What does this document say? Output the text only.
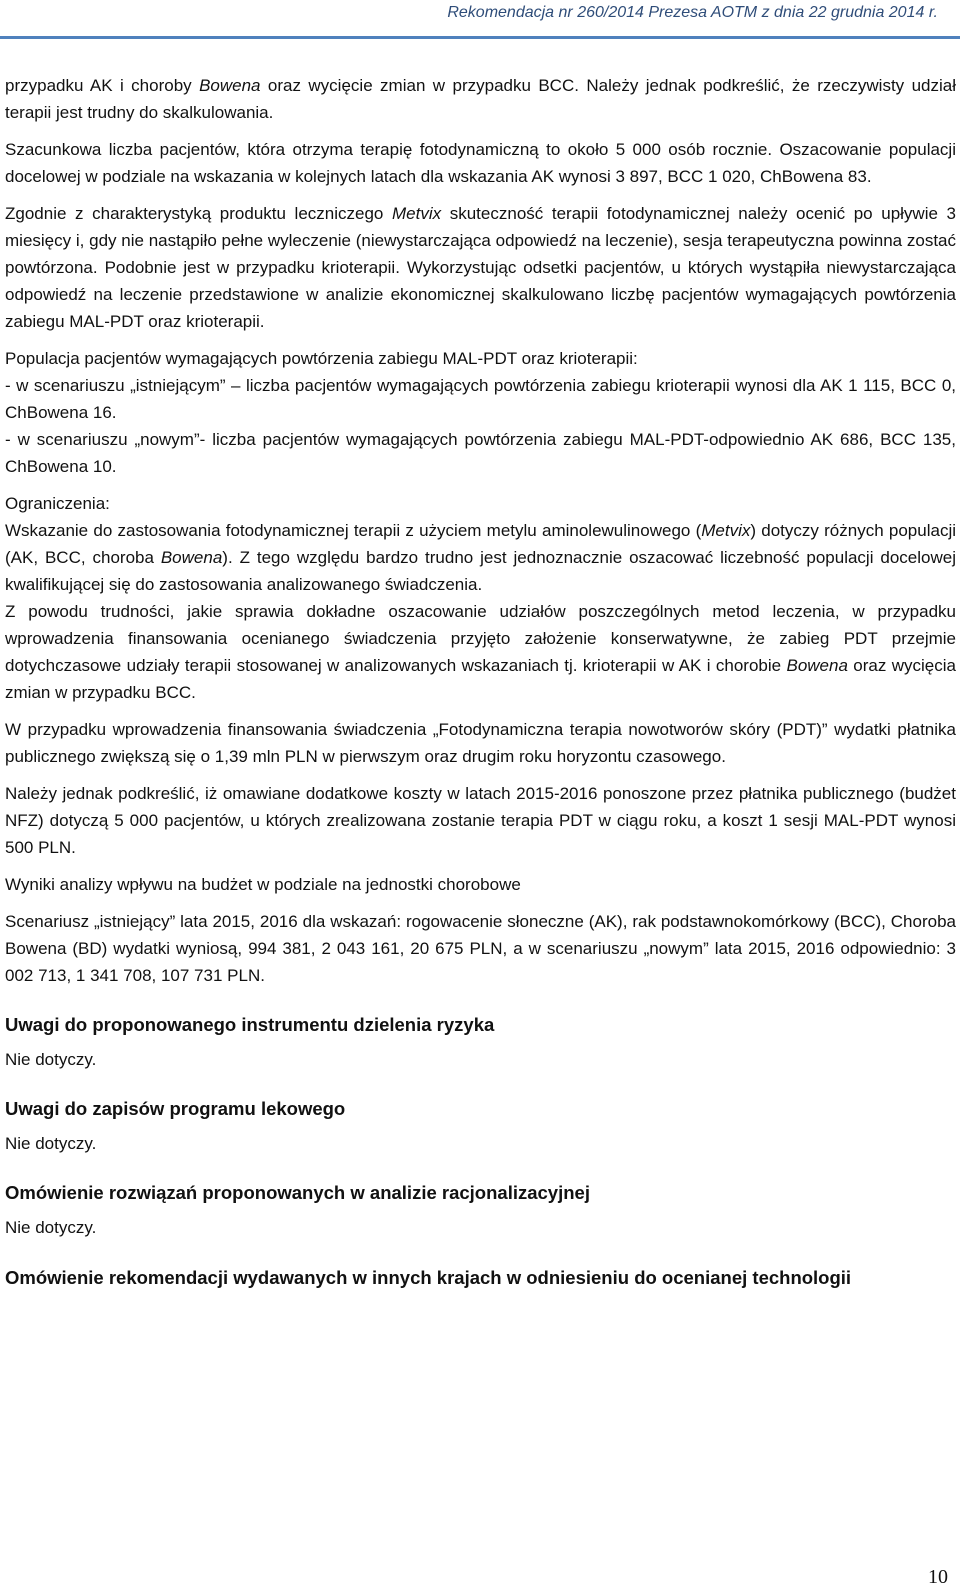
Rekomendacja nr 260/2014 Prezesa AOTM z dnia 22 grudnia 2014 r.

przypadku AK i choroby Bowena oraz wycięcie zmian w przypadku BCC. Należy jednak podkreślić, że rzeczywisty udział terapii jest trudny do skalkulowania.

Szacunkowa liczba pacjentów, która otrzyma terapię fotodynamiczną to około 5 000 osób rocznie. Oszacowanie populacji docelowej w podziale na wskazania w kolejnych latach dla wskazania AK wynosi 3 897, BCC 1 020, ChBowena 83.

Zgodnie z charakterystyką produktu leczniczego Metvix skuteczność terapii fotodynamicznej należy ocenić po upływie 3 miesięcy i, gdy nie nastąpiło pełne wyleczenie (niewystarczająca odpowiedź na leczenie), sesja terapeutyczna powinna zostać powtórzona. Podobnie jest w przypadku krioterapii. Wykorzystując odsetki pacjentów, u których wystąpiła niewystarczająca odpowiedź na leczenie przedstawione w analizie ekonomicznej skalkulowano liczbę pacjentów wymagających powtórzenia zabiegu MAL-PDT oraz krioterapii.

Populacja pacjentów wymagających powtórzenia zabiegu MAL-PDT oraz krioterapii:

- w scenariuszu „istniejącym” – liczba pacjentów wymagających powtórzenia zabiegu krioterapii wynosi dla AK 1 115, BCC 0, ChBowena 16.

- w scenariuszu „nowym”- liczba pacjentów wymagających powtórzenia zabiegu MAL-PDT-odpowiednio AK 686, BCC 135, ChBowena 10.

Ograniczenia:

Wskazanie do zastosowania fotodynamicznej terapii z użyciem metylu aminolewulinowego (Metvix) dotyczy różnych populacji (AK, BCC, choroba Bowena). Z tego względu bardzo trudno jest jednoznacznie oszacować liczebność populacji docelowej kwalifikującej się do zastosowania analizowanego świadczenia.

Z powodu trudności, jakie sprawia dokładne oszacowanie udziałów poszczególnych metod leczenia, w przypadku wprowadzenia finansowania ocenianego świadczenia przyjęto założenie konserwatywne, że zabieg PDT przejmie dotychczasowe udziały terapii stosowanej w analizowanych wskazaniach tj. krioterapii w AK i chorobie Bowena oraz wycięcia zmian w przypadku BCC.

W przypadku wprowadzenia finansowania świadczenia „Fotodynamiczna terapia nowotworów skóry (PDT)” wydatki płatnika publicznego zwiększą się o 1,39 mln PLN w pierwszym oraz drugim roku horyzontu czasowego.

Należy jednak podkreślić, iż omawiane dodatkowe koszty w latach 2015-2016 ponoszone przez płatnika publicznego (budżet NFZ) dotyczą 5 000 pacjentów, u których zrealizowana zostanie terapia PDT w ciągu roku, a koszt 1 sesji MAL-PDT wynosi 500 PLN.

Wyniki analizy wpływu na budżet w podziale na jednostki chorobowe

Scenariusz „istniejący” lata 2015, 2016 dla wskazań: rogowacenie słoneczne (AK), rak podstawnokomórkowy (BCC), Choroba Bowena (BD) wydatki wyniosą, 994 381, 2 043 161, 20 675 PLN, a w scenariuszu „nowym” lata 2015, 2016 odpowiednio: 3 002 713, 1 341 708, 107 731 PLN.

Uwagi do proponowanego instrumentu dzielenia ryzyka

Nie dotyczy.

Uwagi do zapisów programu lekowego

Nie dotyczy.

Omówienie rozwiązań proponowanych w analizie racjonalizacyjnej

Nie dotyczy.

Omówienie rekomendacji wydawanych w innych krajach w odniesieniu do ocenianej technologii
10
